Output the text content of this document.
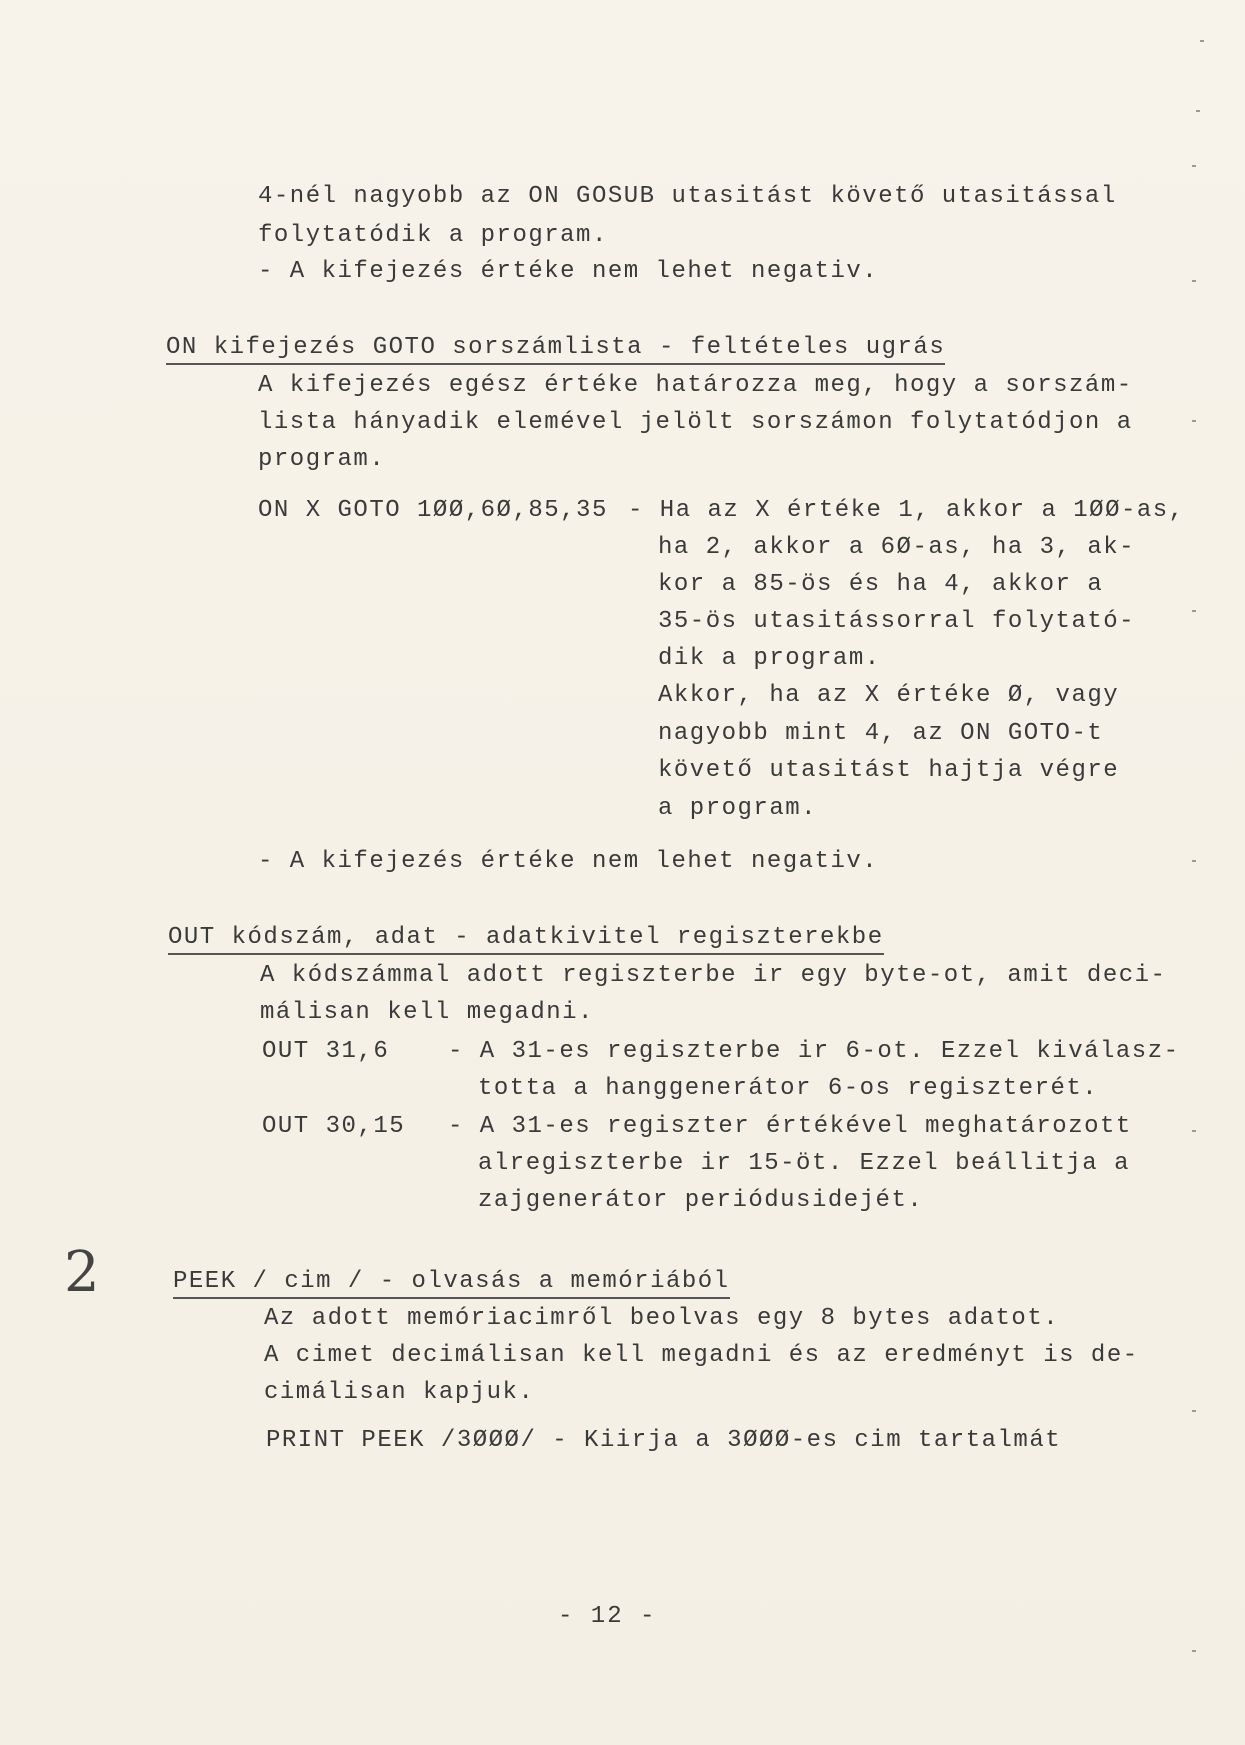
4-nél nagyobb az ON GOSUB utasitást követő utasitással
folytatódik a program.
- A kifejezés értéke nem lehet negativ.
ON kifejezés GOTO sorszámlista - feltételes ugrás
A kifejezés egész értéke határozza meg, hogy a sorszám-
lista hányadik elemével jelölt sorszámon folytatódjon a
program.
ON X GOTO 1ØØ,6Ø,85,35 - Ha az X értéke 1, akkor a 1ØØ-as,
ha 2, akkor a 6Ø-as, ha 3, ak-
kor a 85-ös és ha 4, akkor a
35-ös utasitássorral folytató-
dik a program.
Akkor, ha az X értéke Ø, vagy
nagyobb mint 4, az ON GOTO-t
követő utasitást hajtja végre
a program.
- A kifejezés értéke nem lehet negativ.
OUT kódszám, adat - adatkivitel regiszterekbe
A kódszámmal adott regiszterbe ir egy byte-ot, amit deci-
málisan kell megadni.
OUT 31,6 - A 31-es regiszterbe ir 6-ot. Ezzel kiválasz-
totta a hanggenerátor 6-os regiszterét.
OUT 30,15 - A 31-es regiszter értékével meghatározott
alregiszterbe ir 15-öt. Ezzel beállitja a
zajgenerátor periódusidejét.
2	PEEK / cim / - olvasás a memóriából
Az adott memóriacimről beolvas egy 8 bytes adatot.
A cimet decimálisan kell megadni és az eredményt is de-
cimálisan kapjuk.
PRINT PEEK /3ØØØ/ - Kiirja a 3ØØØ-es cim tartalmát
- 12 -
